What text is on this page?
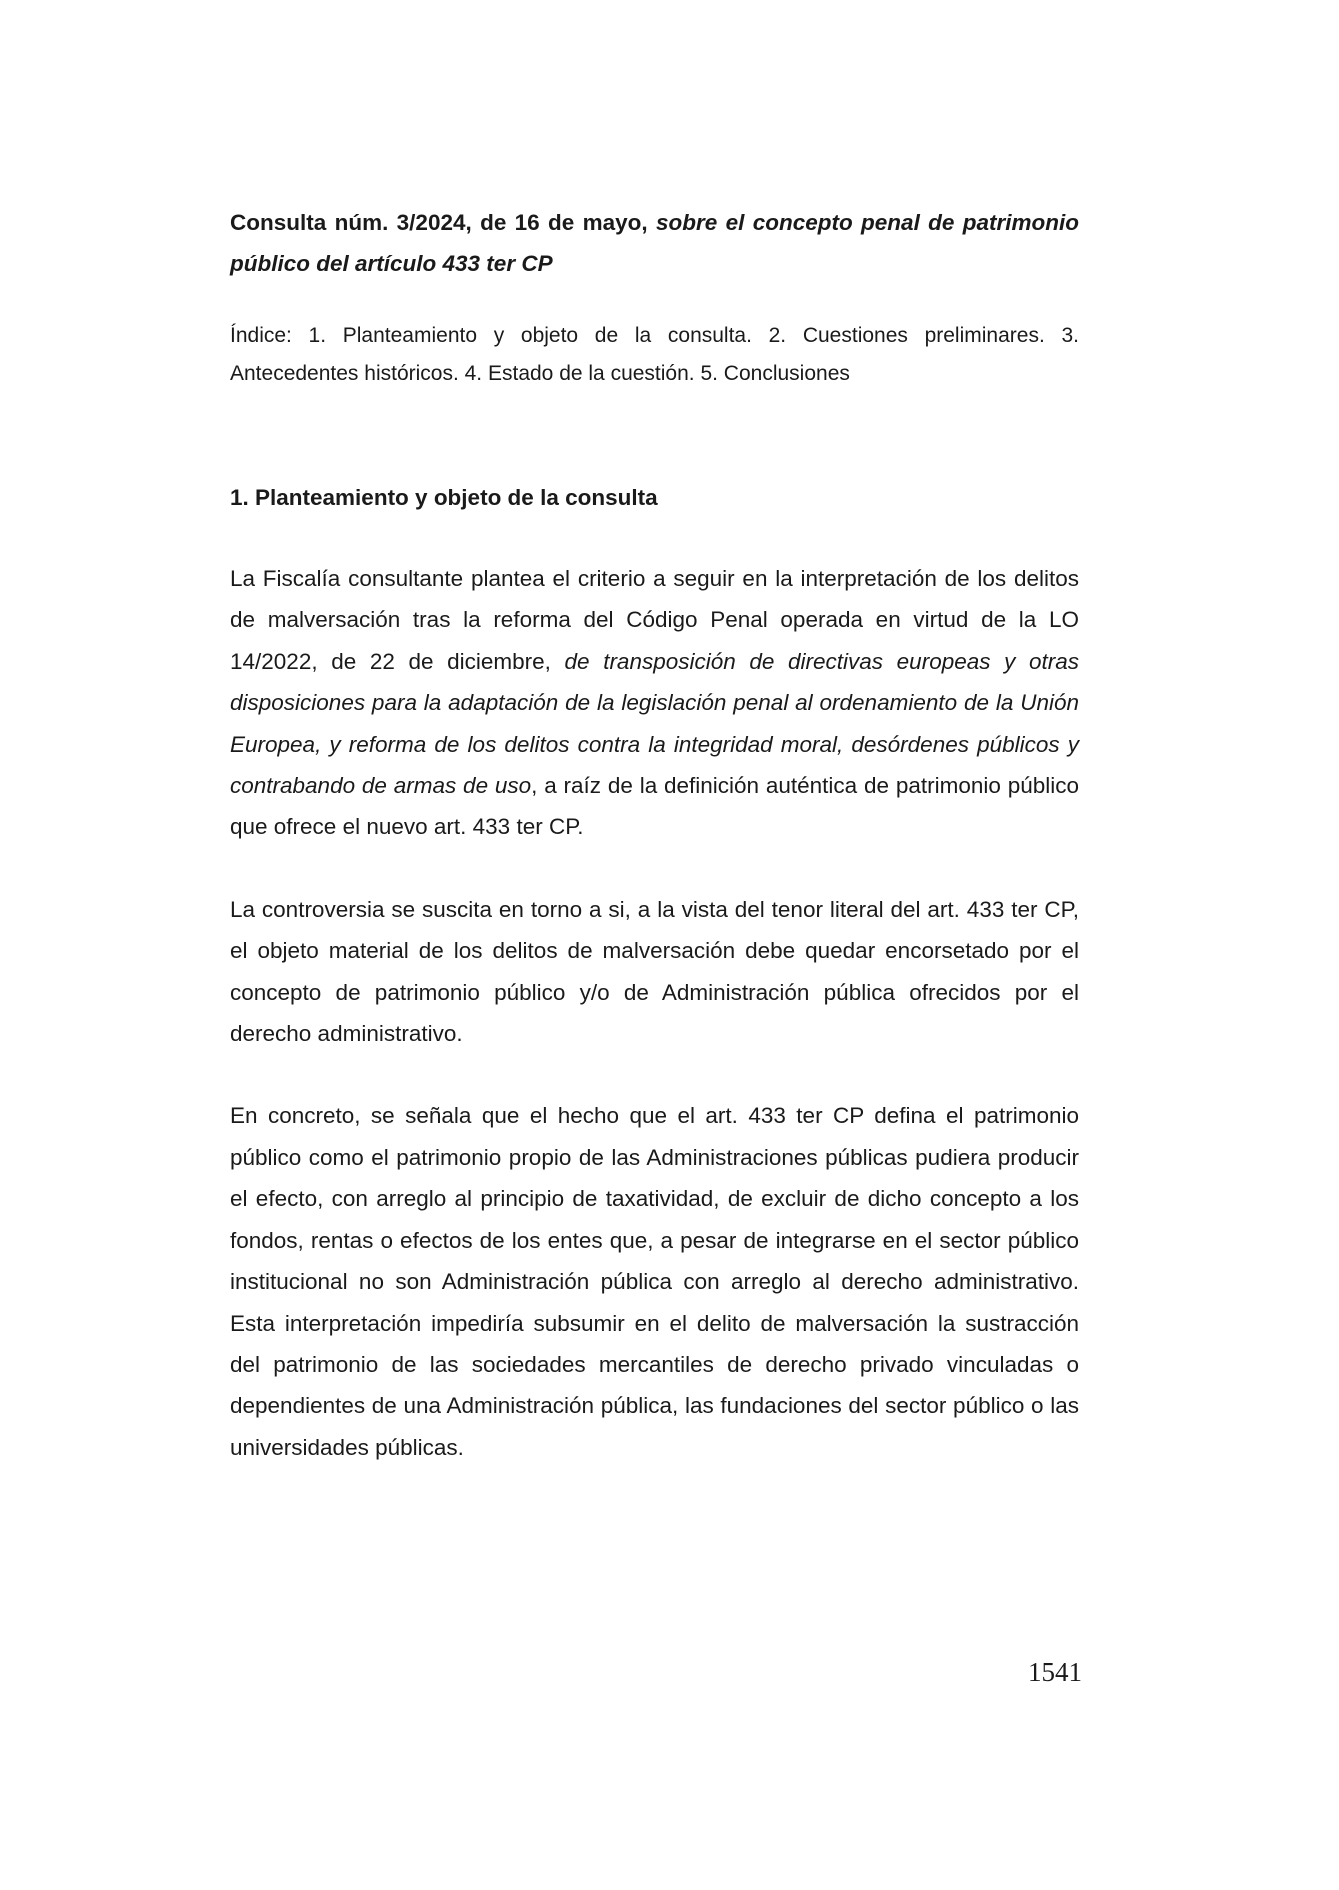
Consulta núm. 3/2024, de 16 de mayo, sobre el concepto penal de patrimonio público del artículo 433 ter CP

Índice: 1. Planteamiento y objeto de la consulta. 2. Cuestiones preliminares. 3. Antecedentes históricos. 4. Estado de la cuestión. 5. Conclusiones

1. Planteamiento y objeto de la consulta

La Fiscalía consultante plantea el criterio a seguir en la interpretación de los delitos de malversación tras la reforma del Código Penal operada en virtud de la LO 14/2022, de 22 de diciembre, de transposición de directivas europeas y otras disposiciones para la adaptación de la legislación penal al ordenamiento de la Unión Europea, y reforma de los delitos contra la integridad moral, desórdenes públicos y contrabando de armas de uso, a raíz de la definición auténtica de patrimonio público que ofrece el nuevo art. 433 ter CP.

La controversia se suscita en torno a si, a la vista del tenor literal del art. 433 ter CP, el objeto material de los delitos de malversación debe quedar encorsetado por el concepto de patrimonio público y/o de Administración pública ofrecidos por el derecho administrativo.

En concreto, se señala que el hecho que el art. 433 ter CP defina el patrimonio público como el patrimonio propio de las Administraciones públicas pudiera producir el efecto, con arreglo al principio de taxatividad, de excluir de dicho concepto a los fondos, rentas o efectos de los entes que, a pesar de integrarse en el sector público institucional no son Administración pública con arreglo al derecho administrativo. Esta interpretación impediría subsumir en el delito de malversación la sustracción del patrimonio de las sociedades mercantiles de derecho privado vinculadas o dependientes de una Administración pública, las fundaciones del sector público o las universidades públicas.

1541
